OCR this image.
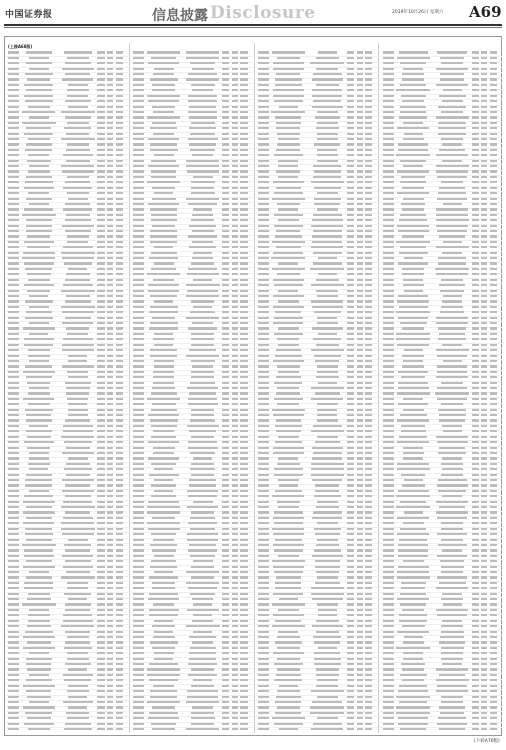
中国证券报	信息披露 Disclosure	2019年10月26日 星期六 A69
(上接A68版)
(下转A70版)
